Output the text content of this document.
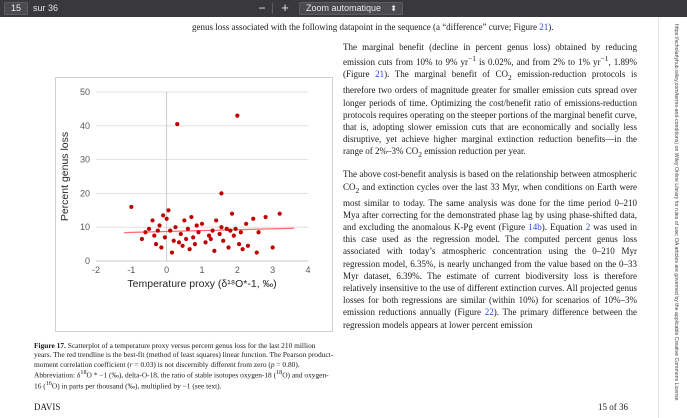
15	sur 36	− +	Zoom automatique ⬍
genus loss associated with the following datapoint in the sequence (a “difference” curve; Figure 21).

The marginal benefit (decline in percent genus loss) obtained by reducing emission cuts from 10% to 9% $yr^{-1}$ is 0.02%, and from 2% to 1% $yr^{-1}$, 1.89% (Figure 21). The marginal benefit of $CO_2$ emission-reduction protocols is therefore two orders of magnitude greater for smaller emission cuts spread over longer periods of time. Optimizing the cost/benefit ratio of emissions-reduction protocols requires operating on the steeper portions of the marginal benefit curve, that is, adopting slower emission cuts that are economically and socially less disruptive, yet achieve higher marginal extinction reduction benefits—in the range of 2%–3% $CO_2$ emission reduction per year.

The above cost-benefit analysis is based on the relationship between atmospheric $CO_2$ and extinction cycles over the last 33 Myr, when conditions on Earth were most similar to today. The same analysis was done for the time period 0–210 Mya after correcting for the demonstrated phase lag by using phase-shifted data, and excluding the anomalous K-Pg event (Figure 14b). Equation 2 was used in this case used as the regression model. The computed percent genus loss associated with today’s atmospheric concentration using the 0–210 Myr regression model, 6.35%, is nearly unchanged from the value based on the 0–33 Myr dataset, 6.39%. The estimate of current biodiversity loss is therefore relatively insensitive to the use of different extinction curves. All projected genus losses for both regressions are similar (within 10%) for scenarios of 10%–3% emission reductions annually (Figure 22). The primary difference between the regression models appears at lower percent emission

0
10
20
30
40
50
-2	-1	0	1	2	3	4
Temperature proxy (δ¹⁸O*-1, ‰)
Percent genus loss
Figure 17. Scatterplot of a temperature proxy versus percent genus loss for the last 210 million years. The red trendline is the best-fit (method of least squares) linear function. The Pearson product-moment correlation coefficient (r = 0.03) is not discernibly different from zero (p = 0.80). Abbreviation: $\delta^{18}O * -1$ (‰), delta-O-18, the ratio of stable isotopes oxygen-18 ($^{18}$O) and oxygen-16 ($^{16}$O) in parts per thousand (‰), multiplied by −1 (see text).
DAVIS	15 of 36
https://scholarlyhub.wiley.com/terms-and-conditions) on Wiley Online Library for rules of use; OA articles are governed by the applicable Creative Commons License
